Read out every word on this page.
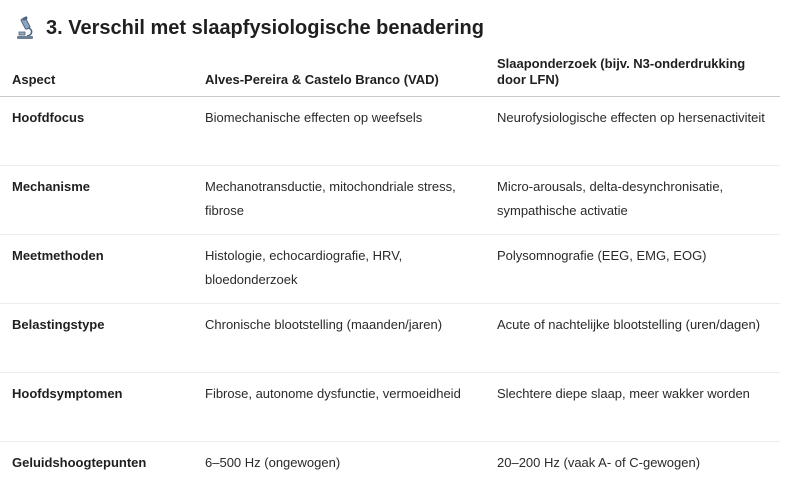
3. Verschil met slaapfysiologische benadering
Aspect	Alves-Pereira & Castelo Branco (VAD)	Slaaponderzoek (bijv. N3-onderdrukking door LFN)
Hoofdfocus	Biomechanische effecten op weefsels	Neurofysiologische effecten op hersenactiviteit
Mechanisme	Mechanotransductie, mitochondriale stress, fibrose	Micro-arousals, delta-desynchronisatie, sympathische activatie
Meetmethoden	Histologie, echocardiografie, HRV, bloedonderzoek	Polysomnografie (EEG, EMG, EOG)
Belastingstype	Chronische blootstelling (maanden/jaren)	Acute of nachtelijke blootstelling (uren/dagen)
Hoofdsymptomen	Fibrose, autonome dysfunctie, vermoeidheid	Slechtere diepe slaap, meer wakker worden
Geluidshoogtepunten	6–500 Hz (ongewogen)	20–200 Hz (vaak A- of C-gewogen)
